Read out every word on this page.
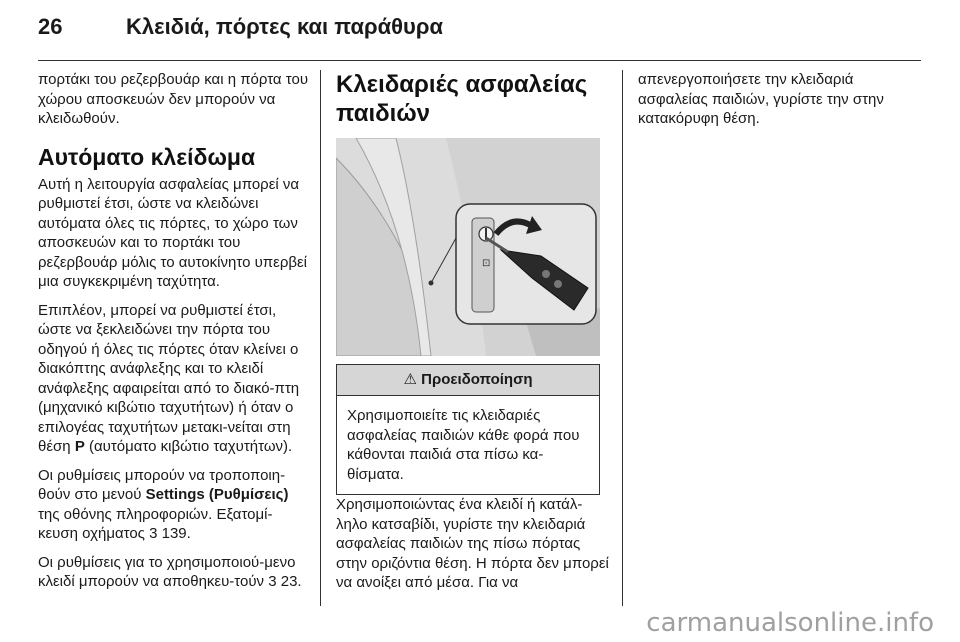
26	Κλειδιά, πόρτες και παράθυρα

πορτάκι του ρεζερβουάρ και η πόρτα του χώρου αποσκευών δεν μπορούν να κλειδωθούν.

Αυτόματο κλείδωμα

Αυτή η λειτουργία ασφαλείας μπορεί να ρυθμιστεί έτσι, ώστε να κλειδώνει αυτόματα όλες τις πόρτες, το χώρο των αποσκευών και το πορτάκι του ρεζερβουάρ μόλις το αυτοκίνητο υπερβεί μια συγκεκριμένη ταχύτητα.

Επιπλέον, μπορεί να ρυθμιστεί έτσι, ώστε να ξεκλειδώνει την πόρτα του οδηγού ή όλες τις πόρτες όταν κλείνει ο διακόπτης ανάφλεξης και το κλειδί ανάφλεξης αφαιρείται από το διακό-πτη (μηχανικό κιβώτιο ταχυτήτων) ή όταν ο επιλογέας ταχυτήτων μετακι-νείται στη θέση P (αυτόματο κιβώτιο ταχυτήτων).

Οι ρυθμίσεις μπορούν να τροποποιη-θούν στο μενού Settings (Ρυθμίσεις) της οθόνης πληροφοριών. Εξατομί-κευση οχήματος 3 139.

Οι ρυθμίσεις για το χρησιμοποιού-μενο κλειδί μπορούν να αποθηκευ-τούν 3 23.

Κλειδαριές ασφαλείας παιδιών
⊡
⚠ Προειδοποίηση
Χρησιμοποιείτε τις κλειδαριές ασφαλείας παιδιών κάθε φορά που κάθονται παιδιά στα πίσω κα-θίσματα.

Χρησιμοποιώντας ένα κλειδί ή κατάλ-ληλο κατσαβίδι, γυρίστε την κλειδαριά ασφαλείας παιδιών της πίσω πόρτας στην οριζόντια θέση. Η πόρτα δεν μπορεί να ανοίξει από μέσα. Για να

απενεργοποιήσετε την κλειδαριά ασφαλείας παιδιών, γυρίστε την στην κατακόρυφη θέση.

carmanualsonline.info
